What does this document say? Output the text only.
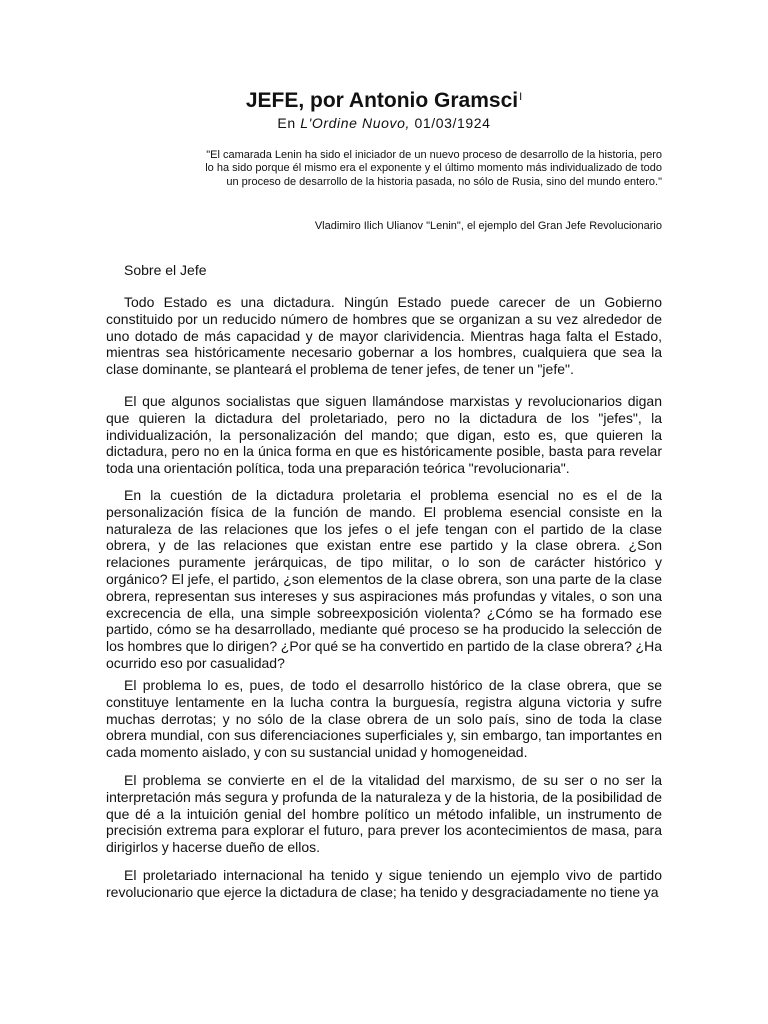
JEFE, por Antonio Gramsci$^I$
En L'Ordine Nuovo, 01/03/1924

"El camarada Lenin ha sido el iniciador de un nuevo proceso de desarrollo de la historia, pero lo ha sido porque él mismo era el exponente y el último momento más individualizado de todo un proceso de desarrollo de la historia pasada, no sólo de Rusia, sino del mundo entero."

Vladimiro Ilich Ulianov "Lenin", el ejemplo del Gran Jefe Revolucionario

Sobre el Jefe

Todo Estado es una dictadura. Ningún Estado puede carecer de un Gobierno constituido por un reducido número de hombres que se organizan a su vez alrededor de uno dotado de más capacidad y de mayor clarividencia. Mientras haga falta el Estado, mientras sea históricamente necesario gobernar a los hombres, cualquiera que sea la clase dominante, se planteará el problema de tener jefes, de tener un "jefe".

El que algunos socialistas que siguen llamándose marxistas y revolucionarios digan que quieren la dictadura del proletariado, pero no la dictadura de los "jefes", la individualización, la personalización del mando; que digan, esto es, que quieren la dictadura, pero no en la única forma en que es históricamente posible, basta para revelar toda una orientación política, toda una preparación teórica "revolucionaria".

En la cuestión de la dictadura proletaria el problema esencial no es el de la personalización física de la función de mando. El problema esencial consiste en la naturaleza de las relaciones que los jefes o el jefe tengan con el partido de la clase obrera, y de las relaciones que existan entre ese partido y la clase obrera. ¿Son relaciones puramente jerárquicas, de tipo militar, o lo son de carácter histórico y orgánico? El jefe, el partido, ¿son elementos de la clase obrera, son una parte de la clase obrera, representan sus intereses y sus aspiraciones más profundas y vitales, o son una excrecencia de ella, una simple sobreexposición violenta? ¿Cómo se ha formado ese partido, cómo se ha desarrollado, mediante qué proceso se ha producido la selección de los hombres que lo dirigen? ¿Por qué se ha convertido en partido de la clase obrera? ¿Ha ocurrido eso por casualidad?

El problema lo es, pues, de todo el desarrollo histórico de la clase obrera, que se constituye lentamente en la lucha contra la burguesía, registra alguna victoria y sufre muchas derrotas; y no sólo de la clase obrera de un solo país, sino de toda la clase obrera mundial, con sus diferenciaciones superficiales y, sin embargo, tan importantes en cada momento aislado, y con su sustancial unidad y homogeneidad.

El problema se convierte en el de la vitalidad del marxismo, de su ser o no ser la interpretación más segura y profunda de la naturaleza y de la historia, de la posibilidad de que dé a la intuición genial del hombre político un método infalible, un instrumento de precisión extrema para explorar el futuro, para prever los acontecimientos de masa, para dirigirlos y hacerse dueño de ellos.

El proletariado internacional ha tenido y sigue teniendo un ejemplo vivo de partido revolucionario que ejerce la dictadura de clase; ha tenido y desgraciadamente no tiene ya
